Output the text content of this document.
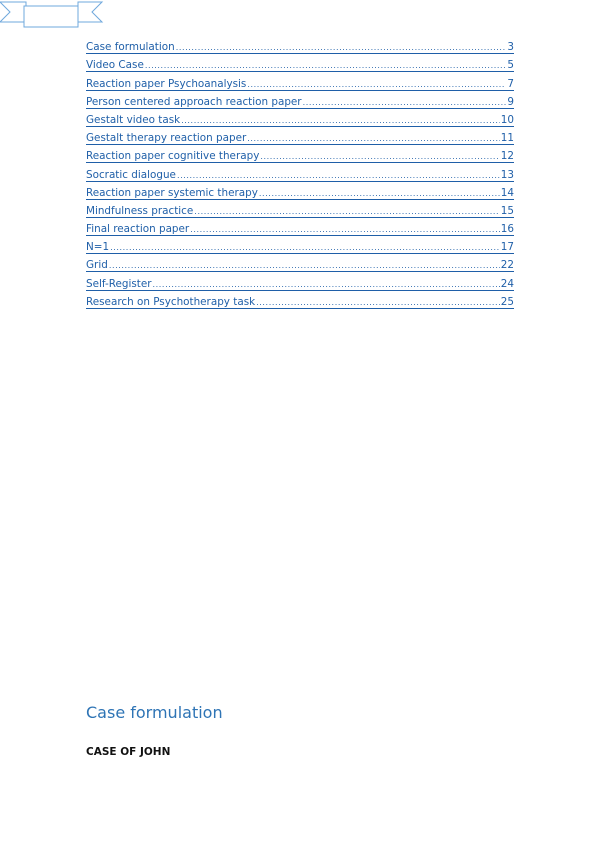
Case formulation .....	3
Video Case .....	5
Reaction paper Psychoanalysis .....	7
Person centered approach reaction paper .....	9
Gestalt video task .....	10
Gestalt therapy reaction paper .....	11
Reaction paper cognitive therapy .....	12
Socratic dialogue .....	13
Reaction paper systemic therapy .....	14
Mindfulness practice .....	15
Final reaction paper .....	16
N=1 .....	17
Grid .....	22
Self-Register .....	24
Research on Psychotherapy task .....	25
Case formulation
CASE OF JOHN
